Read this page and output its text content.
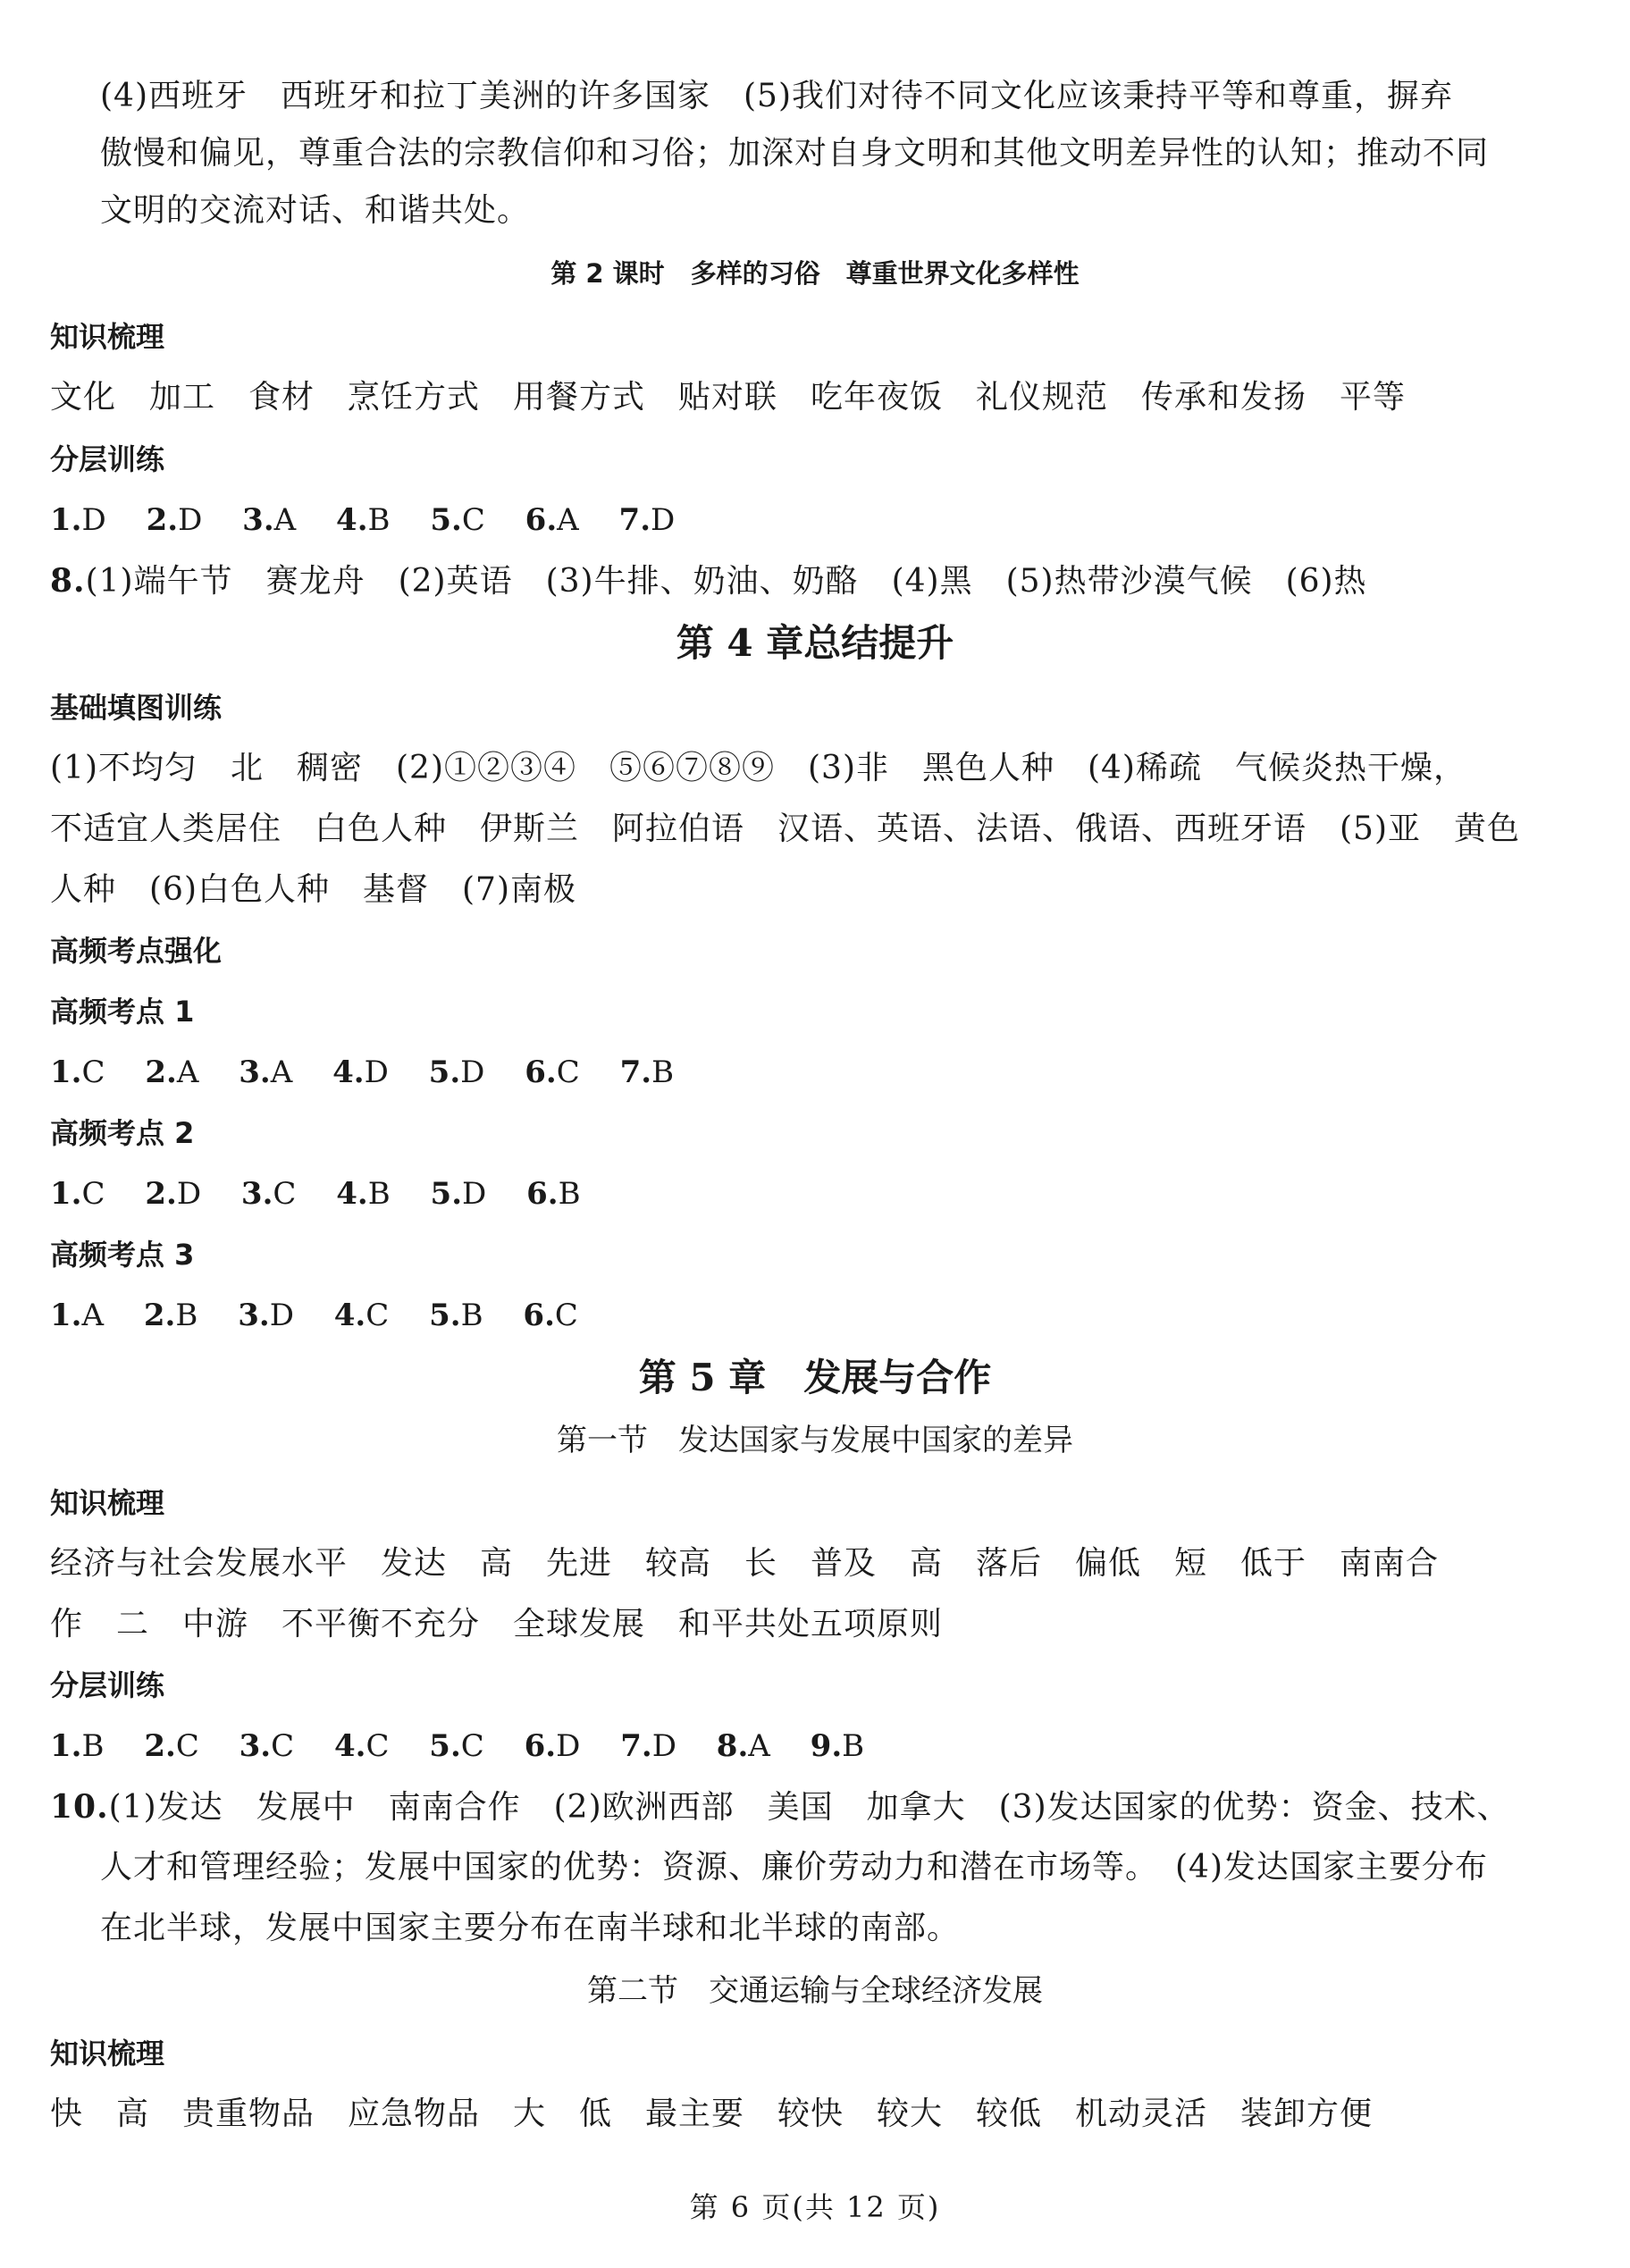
(4)西班牙　西班牙和拉丁美洲的许多国家　(5)我们对待不同文化应该秉持平等和尊重，摒弃
傲慢和偏见，尊重合法的宗教信仰和习俗；加深对自身文明和其他文明差异性的认知；推动不同
文明的交流对话、和谐共处。
第 2 课时　多样的习俗　尊重世界文化多样性
知识梳理
文化　加工　食材　烹饪方式　用餐方式　贴对联　吃年夜饭　礼仪规范　传承和发扬　平等
分层训练
1.D 2.D 3.A 4.B 5.C 6.A 7.D
8.(1)端午节　赛龙舟　(2)英语　(3)牛排、奶油、奶酪　(4)黑　(5)热带沙漠气候　(6)热
第 4 章总结提升
基础填图训练
(1)不均匀　北　稠密　(2)①②③④　⑤⑥⑦⑧⑨　(3)非　黑色人种　(4)稀疏　气候炎热干燥，
不适宜人类居住　白色人种　伊斯兰　阿拉伯语　汉语、英语、法语、俄语、西班牙语　(5)亚　黄色
人种　(6)白色人种　基督　(7)南极
高频考点强化
高频考点 1
1.C 2.A 3.A 4.D 5.D 6.C 7.B
高频考点 2
1.C 2.D 3.C 4.B 5.D 6.B
高频考点 3
1.A 2.B 3.D 4.C 5.B 6.C
第 5 章　发展与合作
第一节　发达国家与发展中国家的差异
知识梳理
经济与社会发展水平　发达　高　先进　较高　长　普及　高　落后　偏低　短　低于　南南合
作　二　中游　不平衡不充分　全球发展　和平共处五项原则
分层训练
1.B 2.C 3.C 4.C 5.C 6.D 7.D 8.A 9.B
10.(1)发达　发展中　南南合作　(2)欧洲西部　美国　加拿大　(3)发达国家的优势：资金、技术、
人才和管理经验；发展中国家的优势：资源、廉价劳动力和潜在市场等。　(4)发达国家主要分布
在北半球，发展中国家主要分布在南半球和北半球的南部。
第二节　交通运输与全球经济发展
知识梳理
快　高　贵重物品　应急物品　大　低　最主要　较快　较大　较低　机动灵活　装卸方便
第 6 页(共 12 页)
